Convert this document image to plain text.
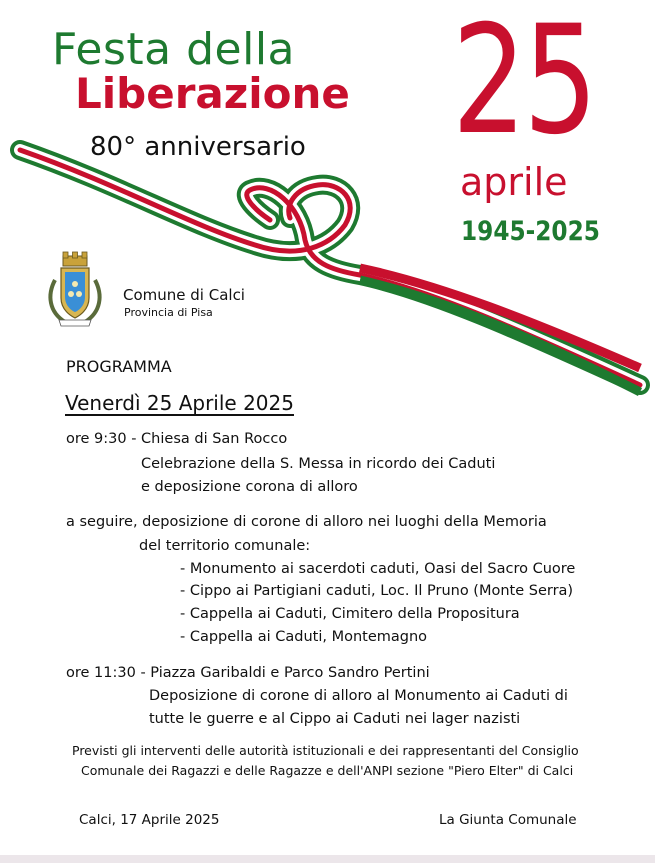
Festa della
Liberazione
80° anniversario 25
aprile
1945-2025
Comune di Calci
Provincia di Pisa
PROGRAMMA
Venerdì 25 Aprile 2025
ore 9:30 - Chiesa di San Rocco
Celebrazione della S. Messa in ricordo dei Caduti
e deposizione corona di alloro
a seguire, deposizione di corone di alloro nei luoghi della Memoria
del territorio comunale:
- Monumento ai sacerdoti caduti, Oasi del Sacro Cuore
- Cippo ai Partigiani caduti, Loc. Il Pruno (Monte Serra)
- Cappella ai Caduti, Cimitero della Propositura
- Cappella ai Caduti, Montemagno
ore 11:30 - Piazza Garibaldi e Parco Sandro Pertini
Deposizione di corone di alloro al Monumento ai Caduti di
tutte le guerre e al Cippo ai Caduti nei lager nazisti
Previsti gli interventi delle autorità istituzionali e dei rappresentanti del Consiglio
Comunale dei Ragazzi e delle Ragazze e dell'ANPI sezione "Piero Elter" di Calci
Calci, 17 Aprile 2025	La Giunta Comunale
